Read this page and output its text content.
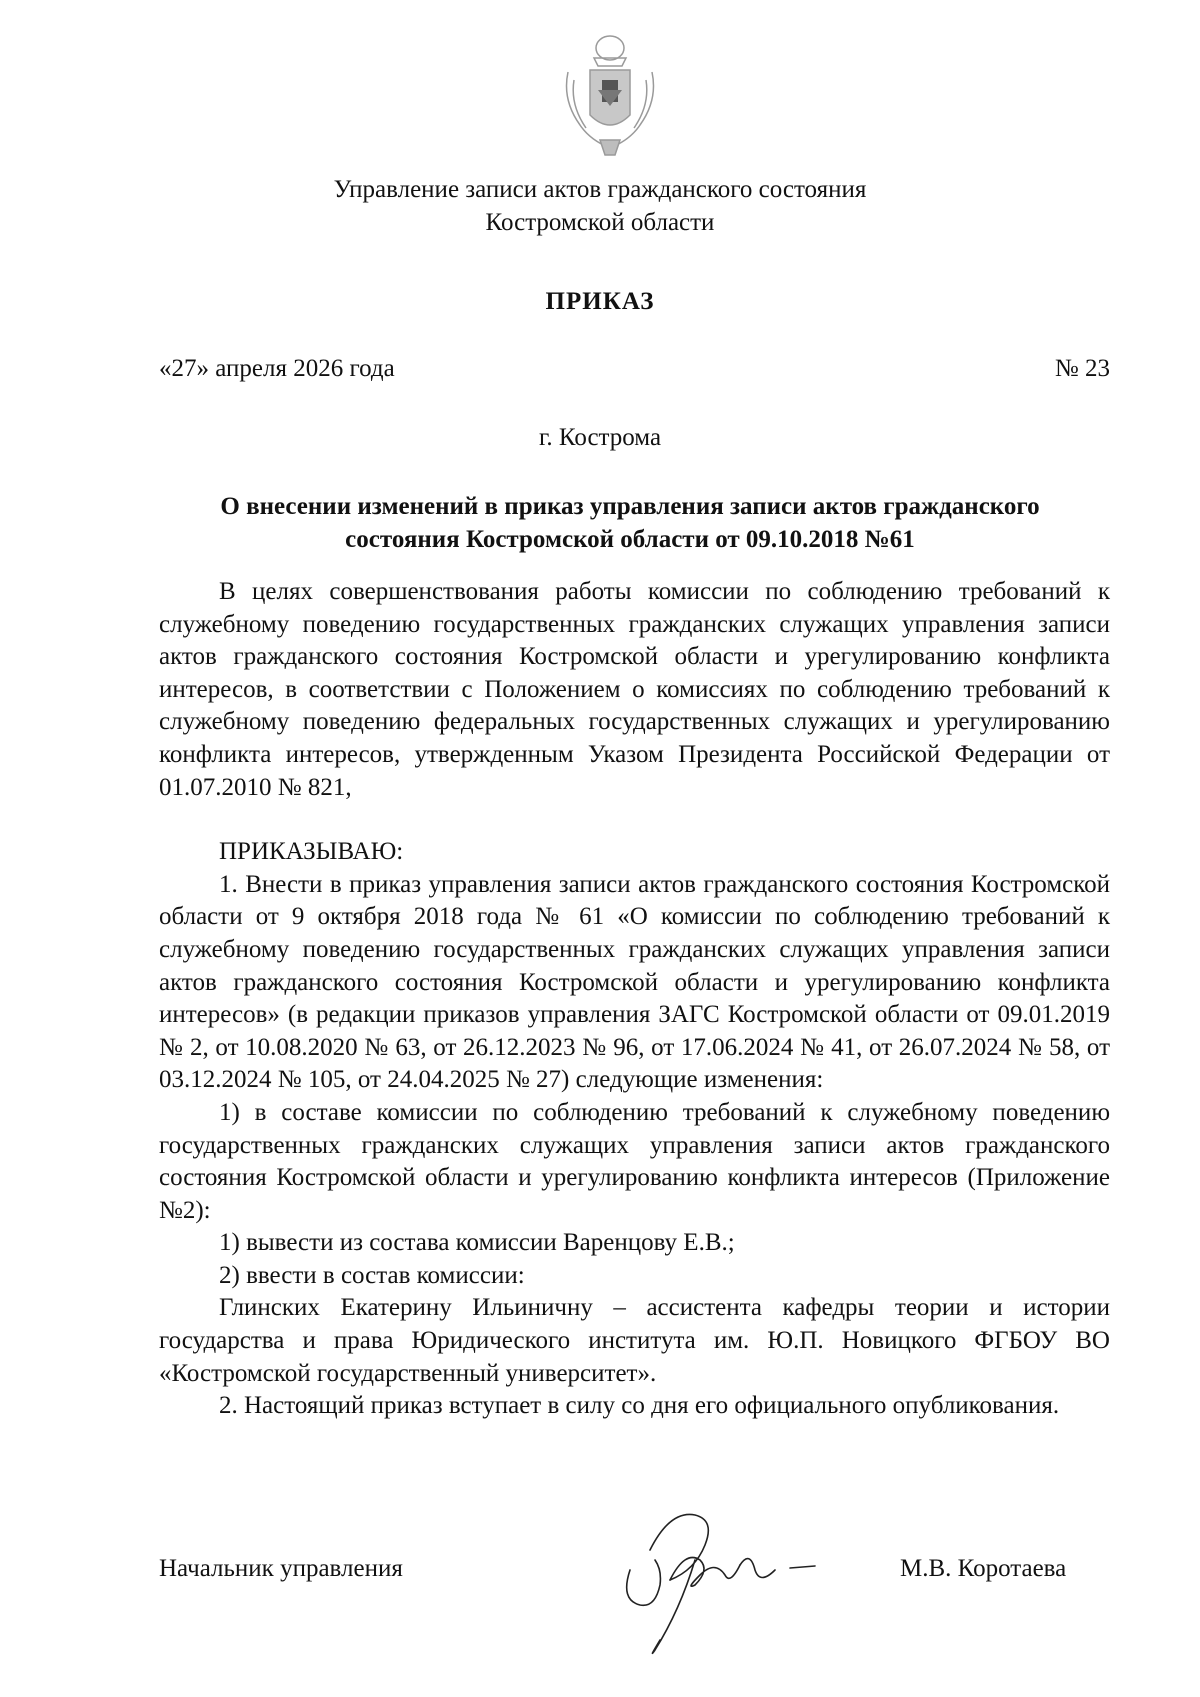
Управление записи актов гражданского состояния
Костромской области
ПРИКАЗ
«27» апреля 2026 года	№ 23
г. Кострома
О внесении изменений в приказ управления записи актов гражданского
состояния Костромской области от 09.10.2018 №61

В целях совершенствования работы комиссии по соблюдению требований к служебному поведению государственных гражданских служащих управления записи актов гражданского состояния Костромской области и урегулированию конфликта интересов, в соответствии с Положением о комиссиях по соблюдению требований к служебному поведению федеральных государственных служащих и урегулированию конфликта интересов, утвержденным Указом Президента Российской Федерации от 01.07.2010 № 821,

ПРИКАЗЫВАЮ:

1. Внести в приказ управления записи актов гражданского состояния Костромской области от 9 октября 2018 года № 61 «О комиссии по соблюдению требований к служебному поведению государственных гражданских служащих управления записи актов гражданского состояния Костромской области и урегулированию конфликта интересов» (в редакции приказов управления ЗАГС Костромской области от 09.01.2019 № 2, от 10.08.2020 № 63, от 26.12.2023 № 96, от 17.06.2024 № 41, от 26.07.2024 № 58, от 03.12.2024 № 105, от 24.04.2025 № 27) следующие изменения:

1) в составе комиссии по соблюдению требований к служебному поведению государственных гражданских служащих управления записи актов гражданского состояния Костромской области и урегулированию конфликта интересов (Приложение №2):

1) вывести из состава комиссии Варенцову Е.В.;

2) ввести в состав комиссии:

Глинских Екатерину Ильиничну – ассистента кафедры теории и истории государства и права Юридического института им. Ю.П. Новицкого ФГБОУ ВО «Костромской государственный университет».

2. Настоящий приказ вступает в силу со дня его официального опубликования.

Начальник управления	М.В. Коротаева
